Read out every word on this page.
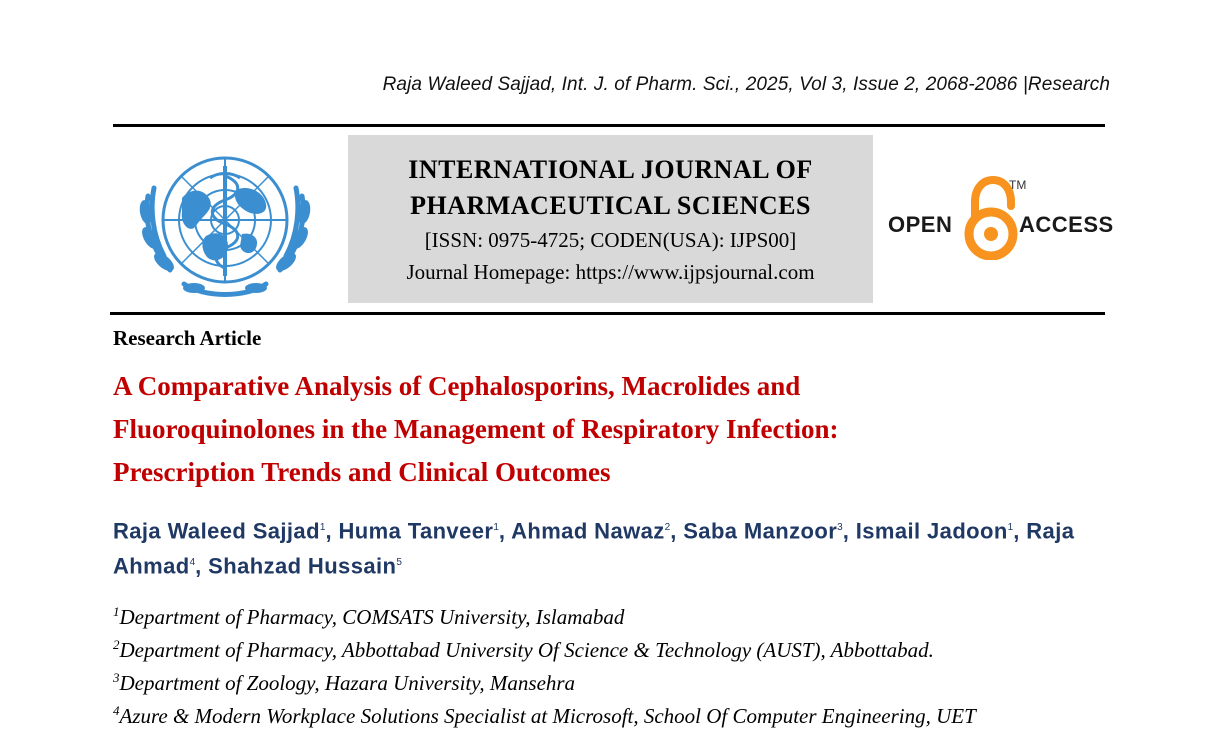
Raja Waleed Sajjad, Int. J. of Pharm. Sci., 2025, Vol 3, Issue 2, 2068-2086 |Research

INTERNATIONAL JOURNAL OF
PHARMACEUTICAL SCIENCES
[ISSN: 0975-4725; CODEN(USA): IJPS00]
Journal Homepage: https://www.ijpsjournal.com
OPEN
TM
ACCESS
Research Article
A Comparative Analysis of Cephalosporins, Macrolides and
Fluoroquinolones in the Management of Respiratory Infection:
Prescription Trends and Clinical Outcomes

Raja Waleed Sajjad$^1$, Huma Tanveer$^1$, Ahmad Nawaz$^2$, Saba Manzoor$^3$, Ismail Jadoon$^1$, Raja Ahmad$^4$, Shahzad Hussain$^5$

$^1$Department of Pharmacy, COMSATS University, Islamabad
$^2$Department of Pharmacy, Abbottabad University Of Science & Technology (AUST), Abbottabad.
$^3$Department of Zoology, Hazara University, Mansehra
$^4$Azure & Modern Workplace Solutions Specialist at Microsoft, School Of Computer Engineering, UET
